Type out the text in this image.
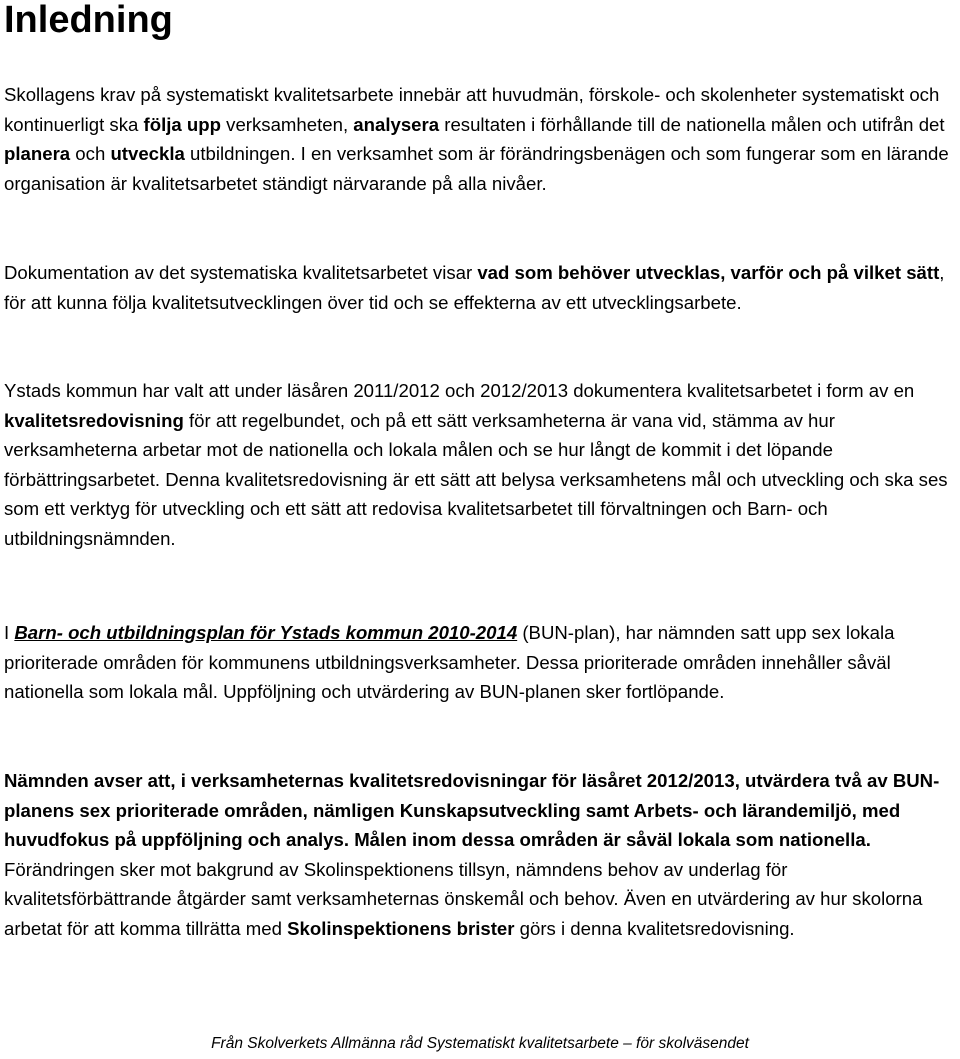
Inledning

Skollagens krav på systematiskt kvalitetsarbete innebär att huvudmän, förskole- och skolenheter systematiskt och kontinuerligt ska följa upp verksamheten, analysera resultaten i förhållande till de nationella målen och utifrån det planera och utveckla utbildningen. I en verksamhet som är förändringsbenägen och som fungerar som en lärande organisation är kvalitetsarbetet ständigt närvarande på alla nivåer.

Dokumentation av det systematiska kvalitetsarbetet visar vad som behöver utvecklas, varför och på vilket sätt, för att kunna följa kvalitetsutvecklingen över tid och se effekterna av ett utvecklingsarbete.

Ystads kommun har valt att under läsåren 2011/2012 och 2012/2013 dokumentera kvalitetsarbetet i form av en kvalitetsredovisning för att regelbundet, och på ett sätt verksamheterna är vana vid, stämma av hur verksamheterna arbetar mot de nationella och lokala målen och se hur långt de kommit i det löpande förbättringsarbetet. Denna kvalitetsredovisning är ett sätt att belysa verksamhetens mål och utveckling och ska ses som ett verktyg för utveckling och ett sätt att redovisa kvalitetsarbetet till förvaltningen och Barn- och utbildningsnämnden.

I Barn- och utbildningsplan för Ystads kommun 2010-2014 (BUN-plan), har nämnden satt upp sex lokala prioriterade områden för kommunens utbildningsverksamheter. Dessa prioriterade områden innehåller såväl nationella som lokala mål. Uppföljning och utvärdering av BUN-planen sker fortlöpande.

Nämnden avser att, i verksamheternas kvalitetsredovisningar för läsåret 2012/2013, utvärdera två av BUN-planens sex prioriterade områden, nämligen Kunskapsutveckling samt Arbets- och lärandemiljö, med huvudfokus på uppföljning och analys. Målen inom dessa områden är såväl lokala som nationella. Förändringen sker mot bakgrund av Skolinspektionens tillsyn, nämndens behov av underlag för kvalitetsförbättrande åtgärder samt verksamheternas önskemål och behov. Även en utvärdering av hur skolorna arbetat för att komma tillrätta med Skolinspektionens brister görs i denna kvalitetsredovisning.

Från Skolverkets Allmänna råd Systematiskt kvalitetsarbete – för skolväsendet
